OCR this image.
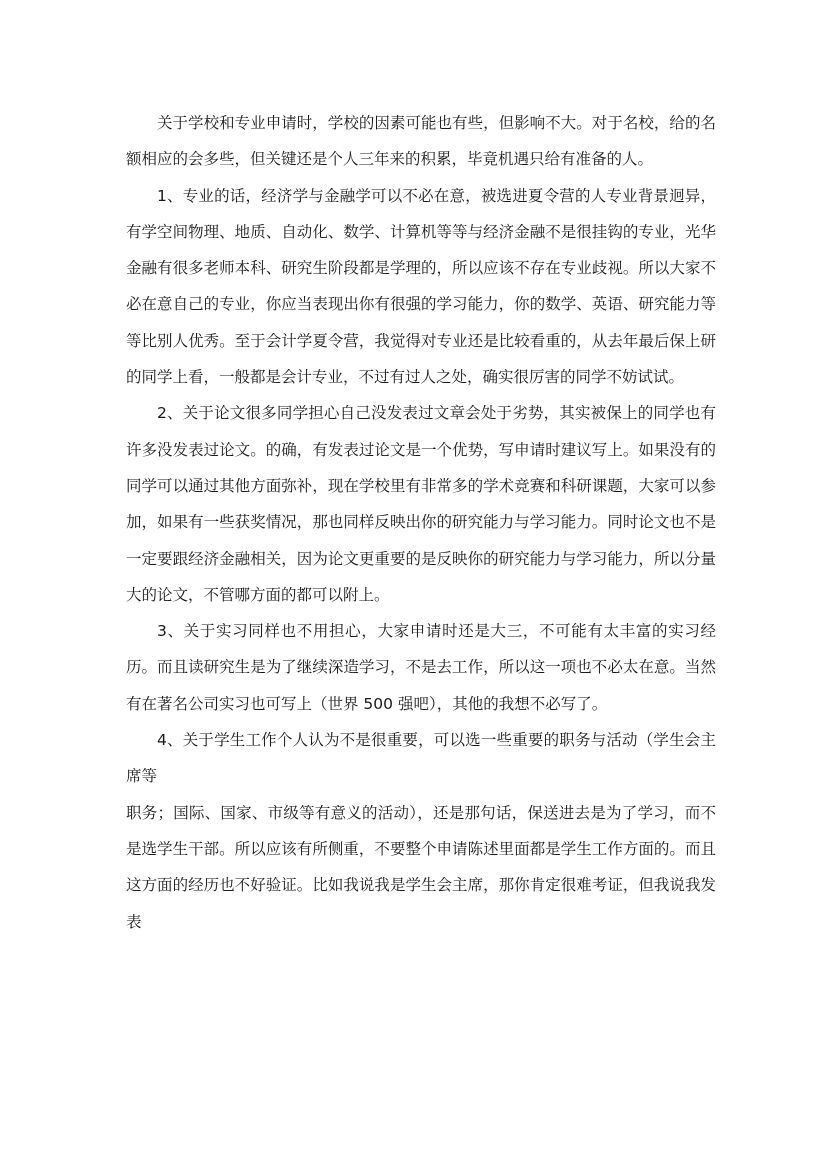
关于学校和专业申请时，学校的因素可能也有些，但影响不大。对于名校，给的名额相应的会多些，但关键还是个人三年来的积累，毕竟机遇只给有准备的人。

1、专业的话，经济学与金融学可以不必在意，被选进夏令营的人专业背景迥异，有学空间物理、地质、自动化、数学、计算机等等与经济金融不是很挂钩的专业，光华金融有很多老师本科、研究生阶段都是学理的，所以应该不存在专业歧视。所以大家不必在意自己的专业，你应当表现出你有很强的学习能力，你的数学、英语、研究能力等等比别人优秀。至于会计学夏令营，我觉得对专业还是比较看重的，从去年最后保上研的同学上看，一般都是会计专业，不过有过人之处，确实很厉害的同学不妨试试。

2、关于论文很多同学担心自己没发表过文章会处于劣势，其实被保上的同学也有许多没发表过论文。的确，有发表过论文是一个优势，写申请时建议写上。如果没有的同学可以通过其他方面弥补，现在学校里有非常多的学术竞赛和科研课题，大家可以参加，如果有一些获奖情况，那也同样反映出你的研究能力与学习能力。同时论文也不是一定要跟经济金融相关，因为论文更重要的是反映你的研究能力与学习能力，所以分量大的论文，不管哪方面的都可以附上。

3、关于实习同样也不用担心，大家申请时还是大三，不可能有太丰富的实习经历。而且读研究生是为了继续深造学习，不是去工作，所以这一项也不必太在意。当然有在著名公司实习也可写上（世界 500 强吧），其他的我想不必写了。

4、关于学生工作个人认为不是很重要，可以选一些重要的职务与活动（学生会主席等

职务；国际、国家、市级等有意义的活动），还是那句话，保送进去是为了学习，而不是选学生干部。所以应该有所侧重，不要整个申请陈述里面都是学生工作方面的。而且这方面的经历也不好验证。比如我说我是学生会主席，那你肯定很难考证，但我说我发表
